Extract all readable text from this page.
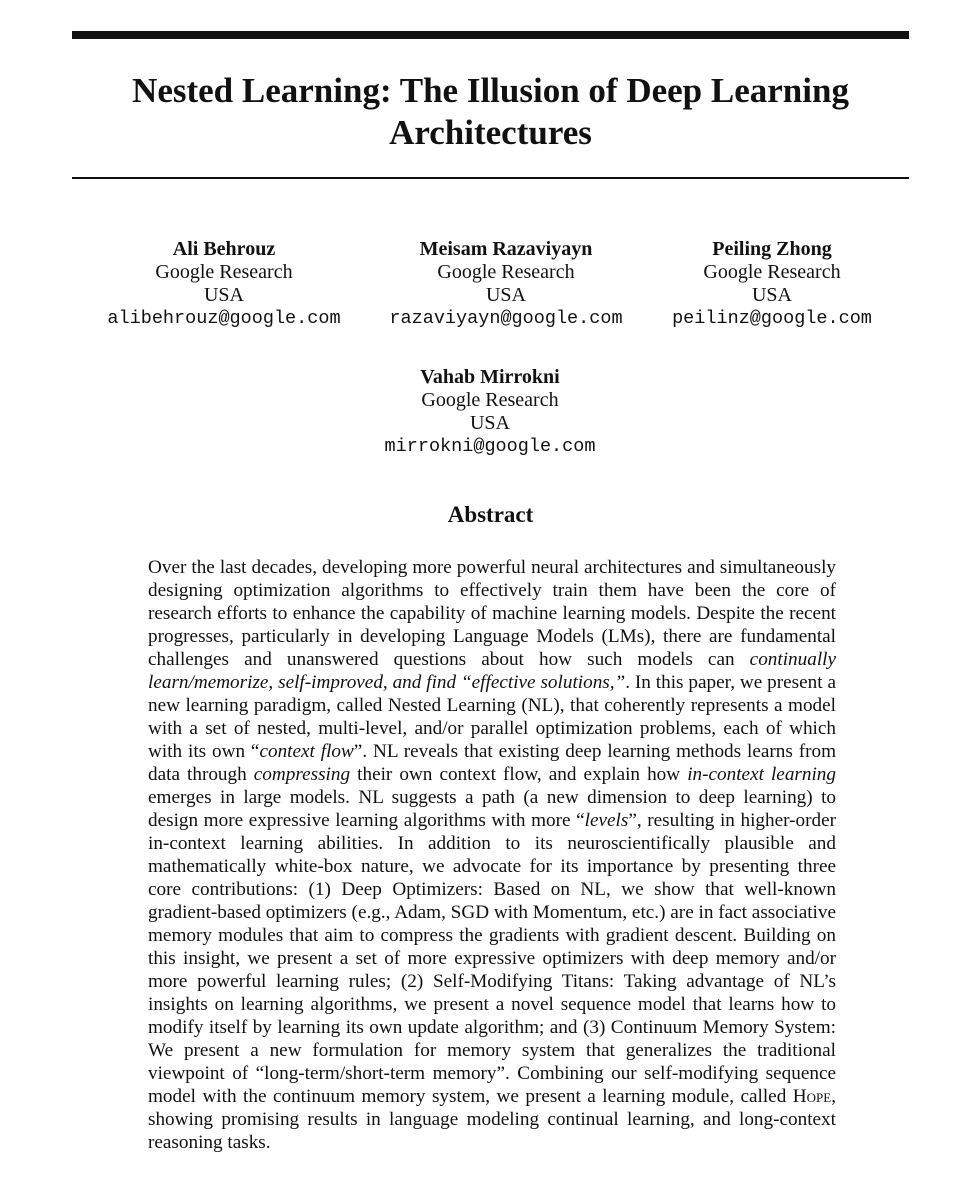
Nested Learning: The Illusion of Deep Learning
Architectures
Ali Behrouz
Google Research
USA
alibehrouz@google.com
Meisam Razaviyayn
Google Research
USA
razaviyayn@google.com
Peiling Zhong
Google Research
USA
peilinz@google.com
Vahab Mirrokni
Google Research
USA
mirrokni@google.com
Abstract

Over the last decades, developing more powerful neural architectures and simultaneously designing optimization algorithms to effectively train them have been the core of research efforts to enhance the capability of machine learning models. Despite the recent progresses, particularly in developing Language Models (LMs), there are fundamental challenges and unanswered questions about how such models can continually learn/memorize, self-improved, and find “effective solutions,”. In this paper, we present a new learning paradigm, called Nested Learning (NL), that coherently represents a model with a set of nested, multi-level, and/or parallel optimization problems, each of which with its own “context flow”. NL reveals that existing deep learning methods learns from data through compressing their own context flow, and explain how in-context learning emerges in large models. NL suggests a path (a new dimension to deep learning) to design more expressive learning algorithms with more “levels”, resulting in higher-order in-context learning abilities. In addition to its neuroscientifically plausible and mathematically white-box nature, we advocate for its importance by presenting three core contributions: (1) Deep Optimizers: Based on NL, we show that well-known gradient-based optimizers (e.g., Adam, SGD with Momentum, etc.) are in fact associative memory modules that aim to compress the gradients with gradient descent. Building on this insight, we present a set of more expressive optimizers with deep memory and/or more powerful learning rules; (2) Self-Modifying Titans: Taking advantage of NL’s insights on learning algorithms, we present a novel sequence model that learns how to modify itself by learning its own update algorithm; and (3) Continuum Memory System: We present a new formulation for memory system that generalizes the traditional viewpoint of “long-term/short-term memory”. Combining our self-modifying sequence model with the continuum memory system, we present a learning module, called Hope, showing promising results in language modeling continual learning, and long-context reasoning tasks.
